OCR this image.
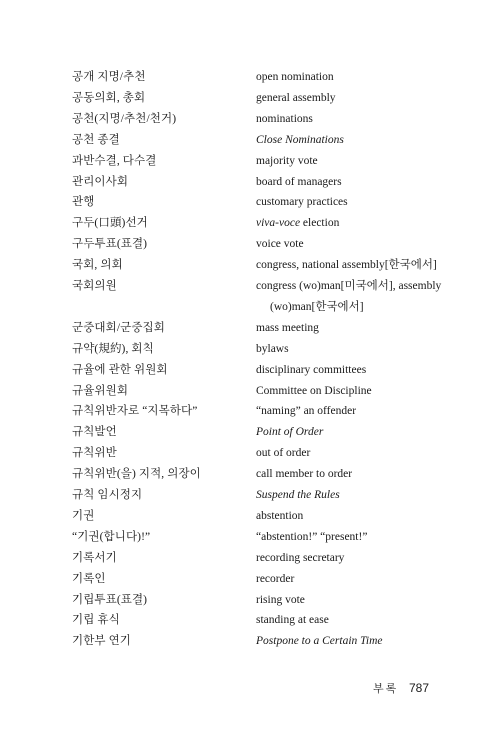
공개 지명/추천	open nomination
공동의회, 총회	general assembly
공천(지명/추천/천거)	nominations
공천 종결	Close Nominations
과반수결, 다수결	majority vote
관리이사회	board of managers
관행	customary practices
구두(口頭)선거	viva-voce election
구두투표(표결)	voice vote
국회, 의회	congress, national assembly[한국에서]
국회의원	congress (wo)man[미국에서], assembly
(wo)man[한국에서]
군중대회/군중집회	mass meeting
규약(規約), 회칙	bylaws
규율에 관한 위원회	disciplinary committees
규율위원회	Committee on Discipline
규칙위반자로 “지목하다”	“naming” an offender
규칙발언	Point of Order
규칙위반	out of order
규칙위반(을) 지적, 의장이	call member to order
규칙 임시정지	Suspend the Rules
기권	abstention
“기권(합니다)!”	“abstention!” “present!”
기록서기	recording secretary
기록인	recorder
기립투표(표결)	rising vote
기립 휴식	standing at ease
기한부 연기	Postpone to a Certain Time
부록 787
